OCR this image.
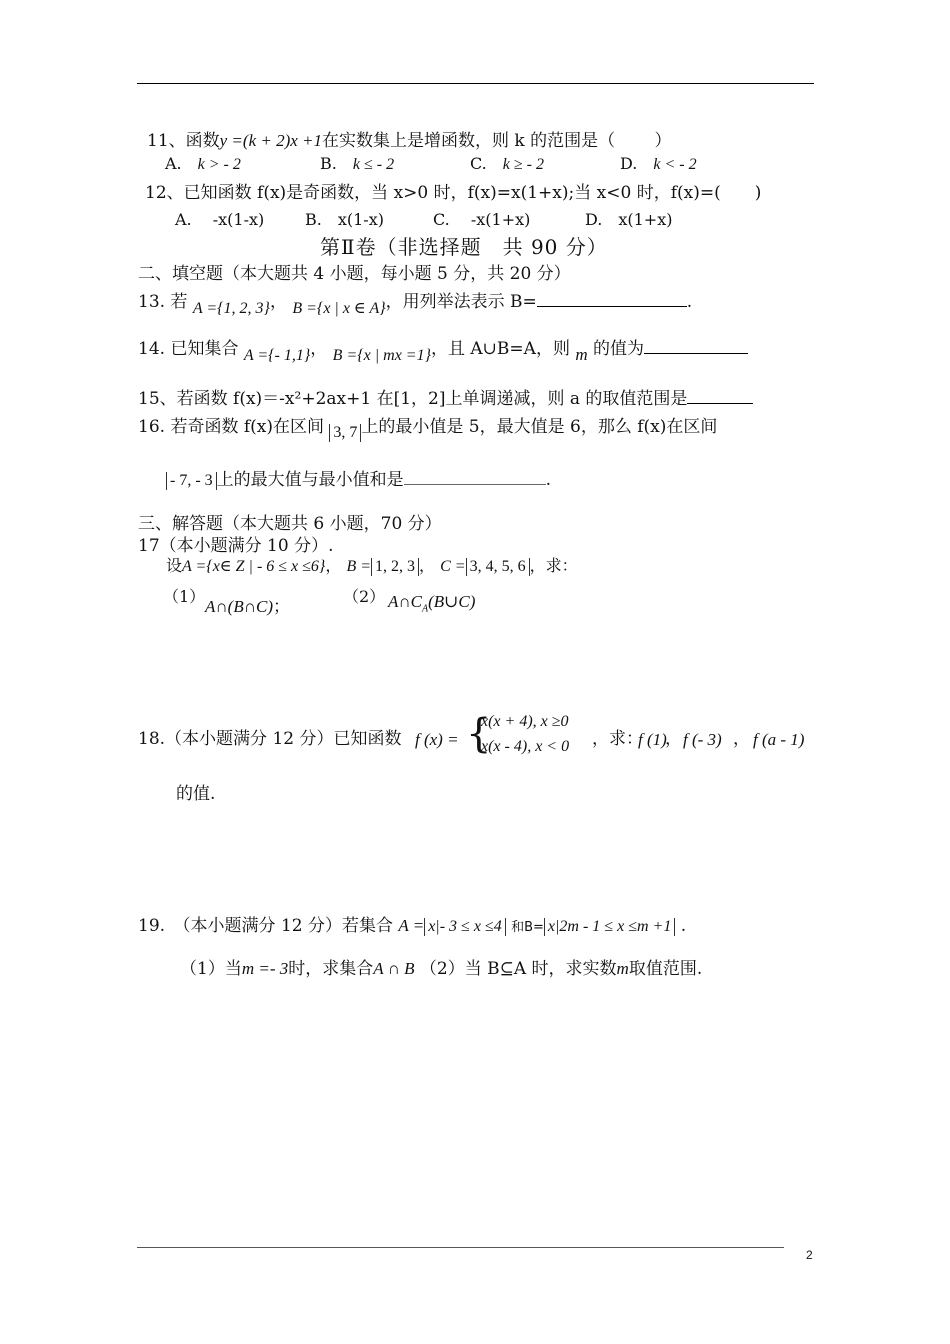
11、函数y =(k + 2)x +1在实数集上是增函数，则 k 的范围是（　　 ）
A.　 k > - 2	B.　 k ≤ - 2	C.　 k ≥ - 2	D.　 k < - 2
12、已知函数 f(x)是奇函数，当 x>0 时，f(x)=x(1+x);当 x<0 时，f(x)=(　　)
A.　 -x(1-x)	B.　x(1-x)	C.　 -x(1+x)	D.　x(1+x)
第Ⅱ卷（非选择题　共 90 分）
二、填空题（本大题共 4 小题，每小题 5 分，共 20 分）
13. 若 A ={1, 2, 3}， B ={x | x ∈ A}，用列举法表示 B=	.
14. 已知集合 A ={- 1,1}， B ={x | mx =1}，且 A∪B=A，则 m 的值为
15、若函数 f(x)＝-x²+2ax+1 在[1，2]上单调递减，则 a 的取值范围是
16. 若奇函数 f(x)在区间 3, 7 上的最小值是 5，最大值是 6，那么 f(x)在区间
- 7, - 3 上的最大值与最小值和是	.
三、解答题（本大题共 6 小题，70 分）
17（本小题满分 10 分）.
设A ={x∈ Z | - 6 ≤ x ≤6}， B = 1, 2, 3 ， C = 3, 4, 5, 6 ，求：
（1）
A∩(B∩C)；
（2） $A\cap C_A(B\cup C)$
18.（本小题满分 12 分）已知函数 f (x) = {
x(x + 4), x ≥0
x(x - 4), x < 0 ，求：
f (1)
， f (- 3) ， f (a - 1)
的值.
19.　（本小题满分 12 分）若集合 A = x|- 3 ≤ x ≤4 和B= x|2m - 1 ≤ x ≤m +1 .
（1）当m =- 3时，求集合A ∩ B （2）当 B⊆A 时，求实数m取值范围.
2
